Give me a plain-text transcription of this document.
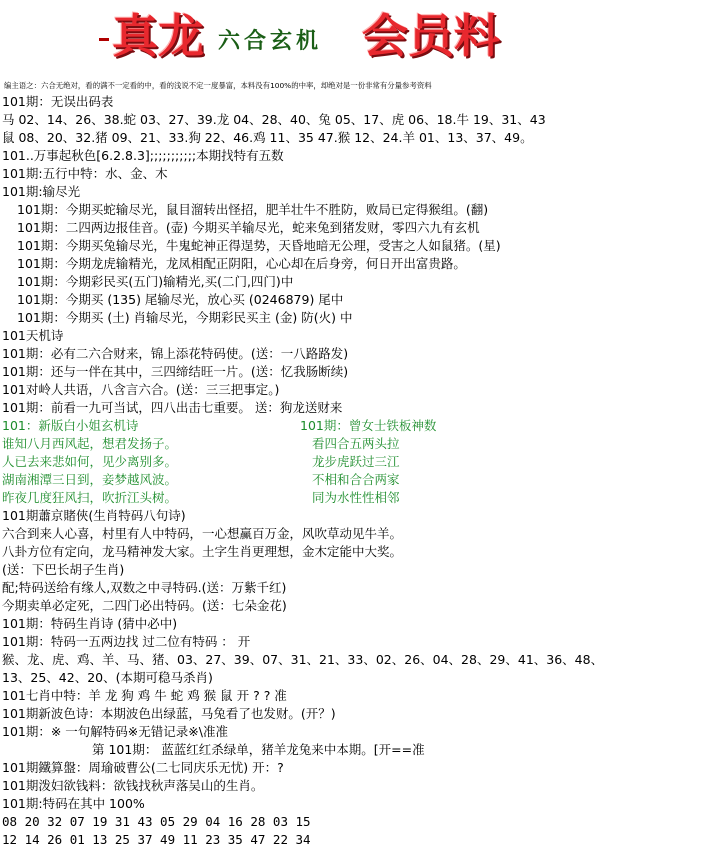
真龙 六合玄机 会员料
编主语之：六合无绝对，看的满不一定看的中，看的浅说不定一度暴富，本料没有100%的中率，却绝对是一份非常有分量参考资料
101期：无误出码表
马 02、14、26、38.蛇 03、27、39.龙 04、28、40、兔 05、17、虎 06、18.牛 19、31、43
鼠 08、20、32.猪 09、21、33.狗 22、46.鸡 11、35 47.猴 12、24.羊 01、13、37、49。
101..万事起秋色[6.2.8.3];;;;;;;;;;;本期找特有五数
101期:五行中特：水、金、木
101期:输尽光
101期：今期买蛇输尽光，鼠目溜转出怪招，肥羊壮牛不胜防，败局已定得猴组。(翻)
101期：二四两边报佳音。(壶) 今期买羊输尽光，蛇来兔到猪发财，零四六九有玄机
101期：今期买兔输尽光，牛鬼蛇神正得逞势，天昏地暗无公理，受害之人如鼠猪。(星)
101期：今期龙虎输精光，龙凤相配正阴阳，心心却在后身旁，何日开出富贵路。
101期：今期彩民买(五门)输精光,买(二门,四门)中
101期：今期买 (135) 尾输尽光，放心买 (0246879) 尾中
101期：今期买 (土) 肖输尽光，今期彩民买主 (金) 防(火) 中
101天机诗
101期：必有二六合财来，锦上添花特码使。(送：一八路路发)
101期：还与一伴在其中，三四缔结旺一片。(送：忆我肠断续)
101对岭人共语，八含言六合。(送：三三把事定。)
101期：前看一九可当试，四八出击七重要。 送：狗龙送财来
101：新版白小姐玄机诗	101期：曾女士铁板神数
谁知八月西风起，想君发扬子。	看四合五两头拉
人已去来悲如何，见少离别多。	龙步虎跃过三江
湖南湘潭三日到，妾梦越风波。	不相和合合两家
昨夜几度狂风扫，吹折江头树。	同为水性性相邻
101期蕭京賭俠(生肖特码八句诗)
六合到来人心喜，村里有人中特码，一心想赢百万金，风吹草动见牛羊。
八卦方位有定向，龙马精神发大家。土字生肖更理想，金木定能中大奖。
(送：下巴长胡子生肖)
配;特码送给有缘人,双数之中寻特码.(送：万紫千红)
今期卖单必定死，二四门必出特码。(送：七朵金花)
101期：特码生肖诗 (猜中必中)
101期：特码一五两边找 过二位有特码 ： 开
猴、龙、虎、鸡、羊、马、猪、03、27、39、07、31、21、33、02、26、04、28、29、41、36、48、
13、25、42、20、(本期可稳马杀肖)
101七肖中特：羊 龙 狗 鸡 牛 蛇 鸡 猴 鼠 开 ? ? 准
101期新波色诗：本期波色出绿蓝，马兔看了也发财。(开？)
101期：※ 一句解特码※无错记录※\准准
第 101期： 蓝蓝红红杀绿单，猪羊龙兔来中本期。[开==准
101期鐵算盤：周瑜破曹公(二七同庆乐无忧) 开：?
101期泼妇欲钱料：欲钱找秋声落吴山的生肖。
101期:特码在其中 100%
08 20 32 07 19 31 43 05 29 04 16 28 03 15
12 14 26 01 13 25 37 49 11 23 35 47 22 34
